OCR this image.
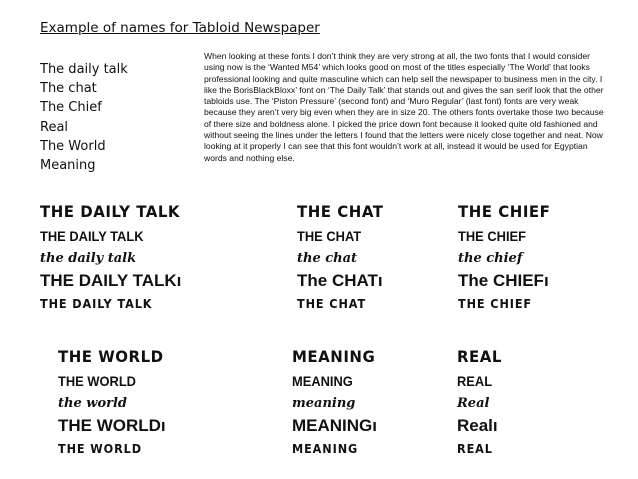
Example of names for Tabloid Newspaper
The daily talk
The chat
The Chief
Real
The World
Meaning
When looking at these fonts I don’t think they are very strong at all, the two fonts that I would consider using now is the ‘Wanted M54’ which looks good on most of the titles especially ‘The World’ that looks professional looking and quite masculine which can help sell the newspaper to business men in the city. I like the BorisBlackBloxx’ font on ‘The Daily Talk’ that stands out and gives the san serif look that the other tabloids use. The ‘Piston Pressure’ (second font) and ‘Muro Regular’ (last font) fonts are very weak because they aren’t very big even when they are in size 20. The others fonts overtake those two because of there size and boldness alone. I picked the price down font because it looked quite old fashioned and without seeing the lines under the letters I found that the letters were nicely close together and neat. Now looking at it properly I can see that this font wouldn’t work at all, instead it would be used for Egyptian words and nothing else.
THE DAILY TALK
THE DAILY TALK
the daily talk
THE DAILY TALKı
THE DAILY TALK
THE CHAT
THE CHAT
the chat
The CHATı
THE CHAT
THE CHIEF
THE CHIEF
the chief
The CHIEFı
THE CHIEF
THE WORLD
THE WORLD
the world
THE WORLDı
THE WORLD
MEANING
MEANING
meaning
MEANINGı
MEANING
REAL
REAL
Real
Realı
REAL
